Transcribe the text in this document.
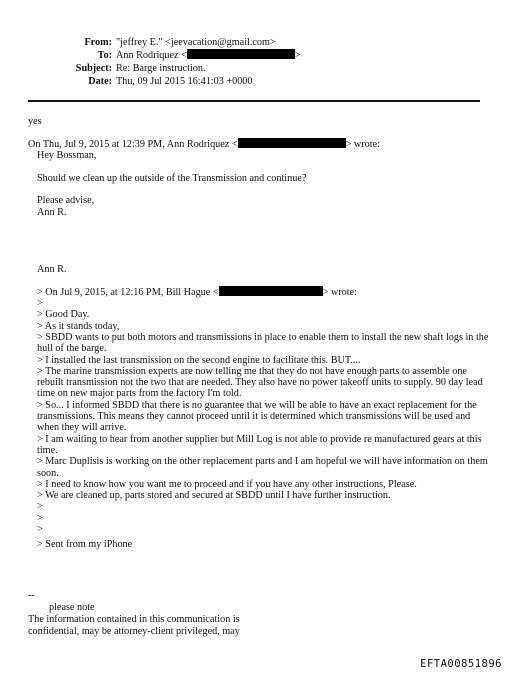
From: "jeffrey E." <jeevacation@gmail.com>
To: Ann Rodriquez <	>
Subject: Re: Barge instruction.
Date: Thu, 09 Jul 2015 16:41:03 +0000
yes
On Thu, Jul 9, 2015 at 12:39 PM, Ann Rodriquez <	> wrote:
Hey Bossman,
Should we clean up the outside of the Transmission and continue?
Please advise,
Ann R.
Ann R.
> On Jul 9, 2015, at 12:16 PM, Bill Hague <	> wrote:
>
> Good Day.
> As it stands today,
> SBDD wants to put both motors and transmissions in place to enable them to install the new shaft logs in the
hull of the barge.
> I installed the last transmission on the second engine to facilitate this. BUT....
> The marine transmission experts are now telling me that they do not have enough parts to assemble one
rebuilt transmission not the two that are needed. They also have no power takeoff units to supply. 90 day lead
time on new major parts from the factory I'm told.
> So... I informed SBDD that there is no guarantee that we will be able to have an exact replacement for the
transmissions. This means they cannot proceed until it is determined which transmissions will be used and
when they will arrive.
> I am waiting to hear from another supplier but Mill Log is not able to provide re manufactured gears at this
time.
> Marc Duplisis is working on the other replacement parts and I am hopeful we will have information on them
soon.
> I need to know how you want me to proceed and if you have any other instructions, Please.
> We are cleaned up, parts stored and secured at SBDD until I have further instruction.
>
>
>
> Sent from my iPhone
--
please note
The information contained in this communication is
confidential, may be attorney-client privileged, may
EFTA00851896
